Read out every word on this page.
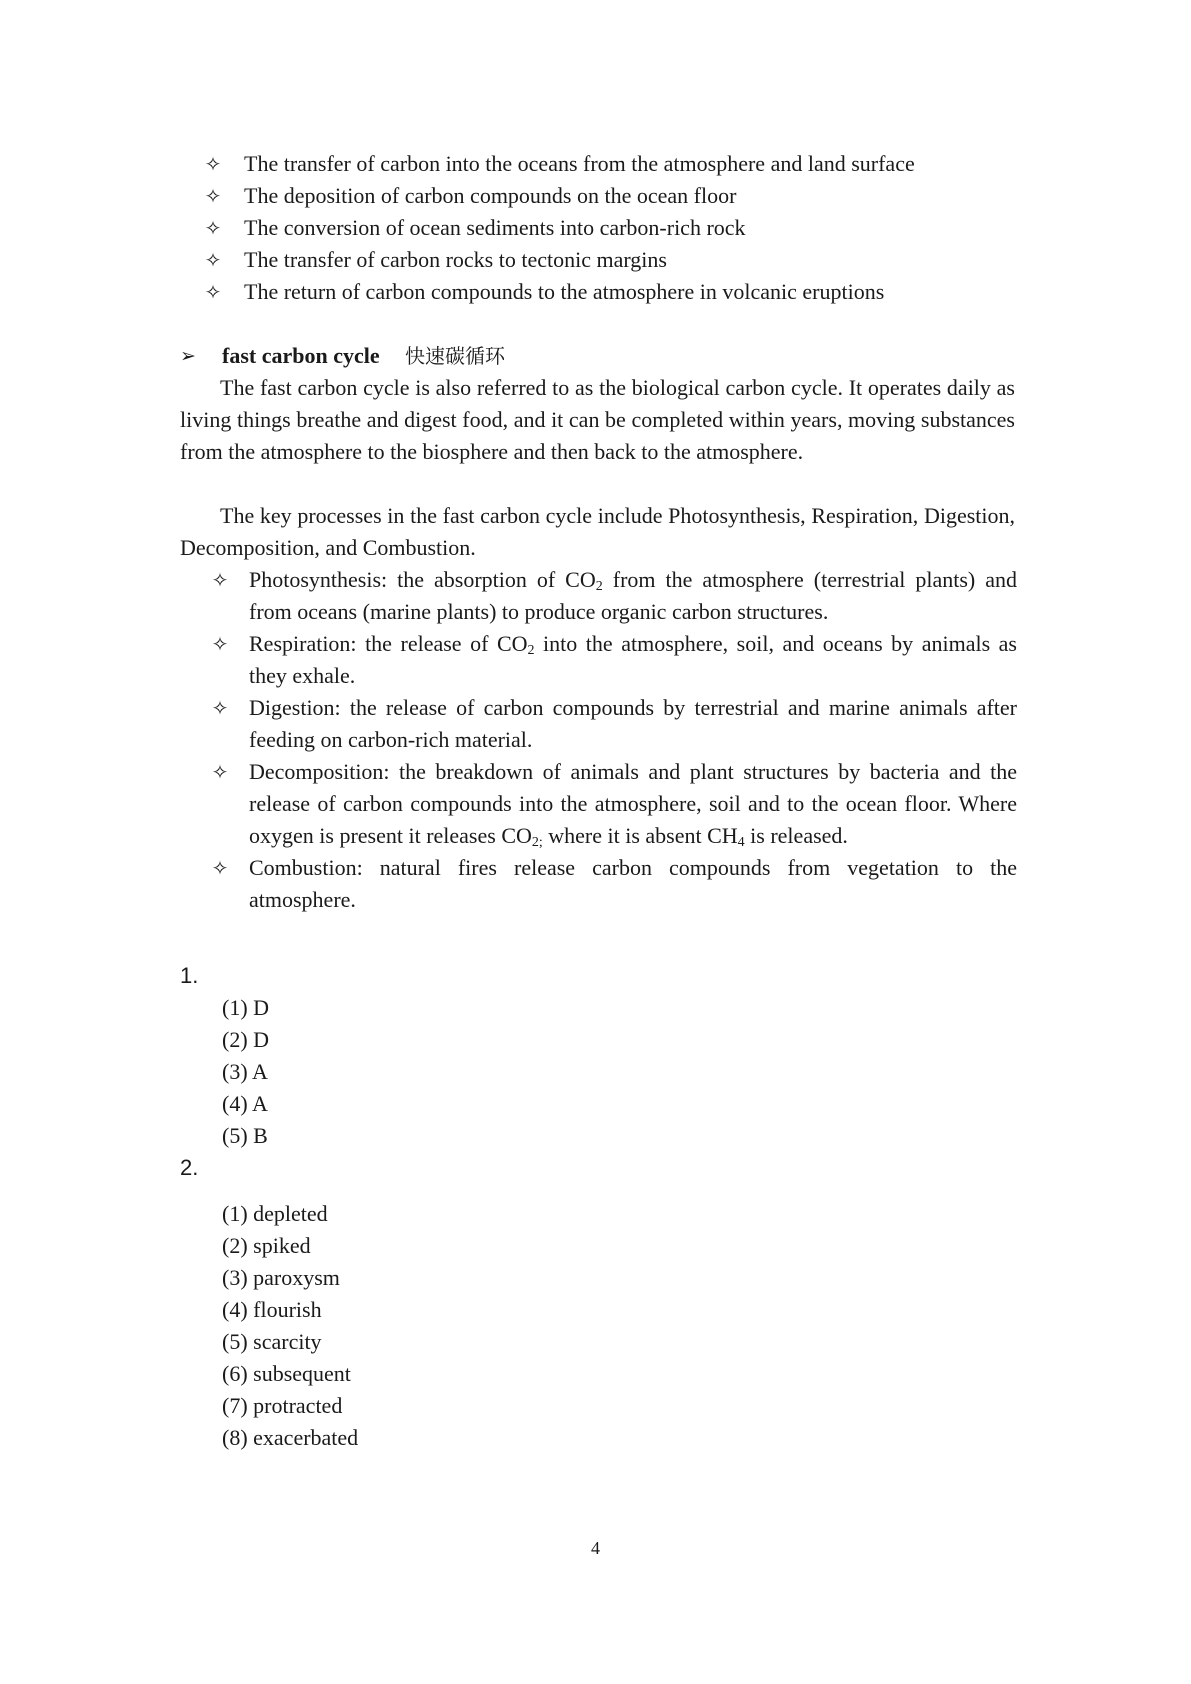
✧ The transfer of carbon into the oceans from the atmosphere and land surface
✧ The deposition of carbon compounds on the ocean floor
✧ The conversion of ocean sediments into carbon-rich rock
✧ The transfer of carbon rocks to tectonic margins
✧ The return of carbon compounds to the atmosphere in volcanic eruptions
➢ fast carbon cycle 快速碳循环

The fast carbon cycle is also referred to as the biological carbon cycle. It operates daily as living things breathe and digest food, and it can be completed within years, moving substances from the atmosphere to the biosphere and then back to the atmosphere.

The key processes in the fast carbon cycle include Photosynthesis, Respiration, Digestion, Decomposition, and Combustion.

✧ Photosynthesis: the absorption of $CO_2$ from the atmosphere (terrestrial plants) and from oceans (marine plants) to produce organic carbon structures.
✧ Respiration: the release of $CO_2$ into the atmosphere, soil, and oceans by animals as they exhale.
✧ Digestion: the release of carbon compounds by terrestrial and marine animals after feeding on carbon-rich material.
✧ Decomposition: the breakdown of animals and plant structures by bacteria and the release of carbon compounds into the atmosphere, soil and to the ocean floor. Where oxygen is present it releases $CO_{2;}$ where it is absent $CH_4$ is released.
✧ Combustion: natural fires release carbon compounds from vegetation to the atmosphere.
1.
(1) D
(2) D
(3) A
(4) A
(5) B
2.
(1) depleted
(2) spiked
(3) paroxysm
(4) flourish
(5) scarcity
(6) subsequent
(7) protracted
(8) exacerbated
4
